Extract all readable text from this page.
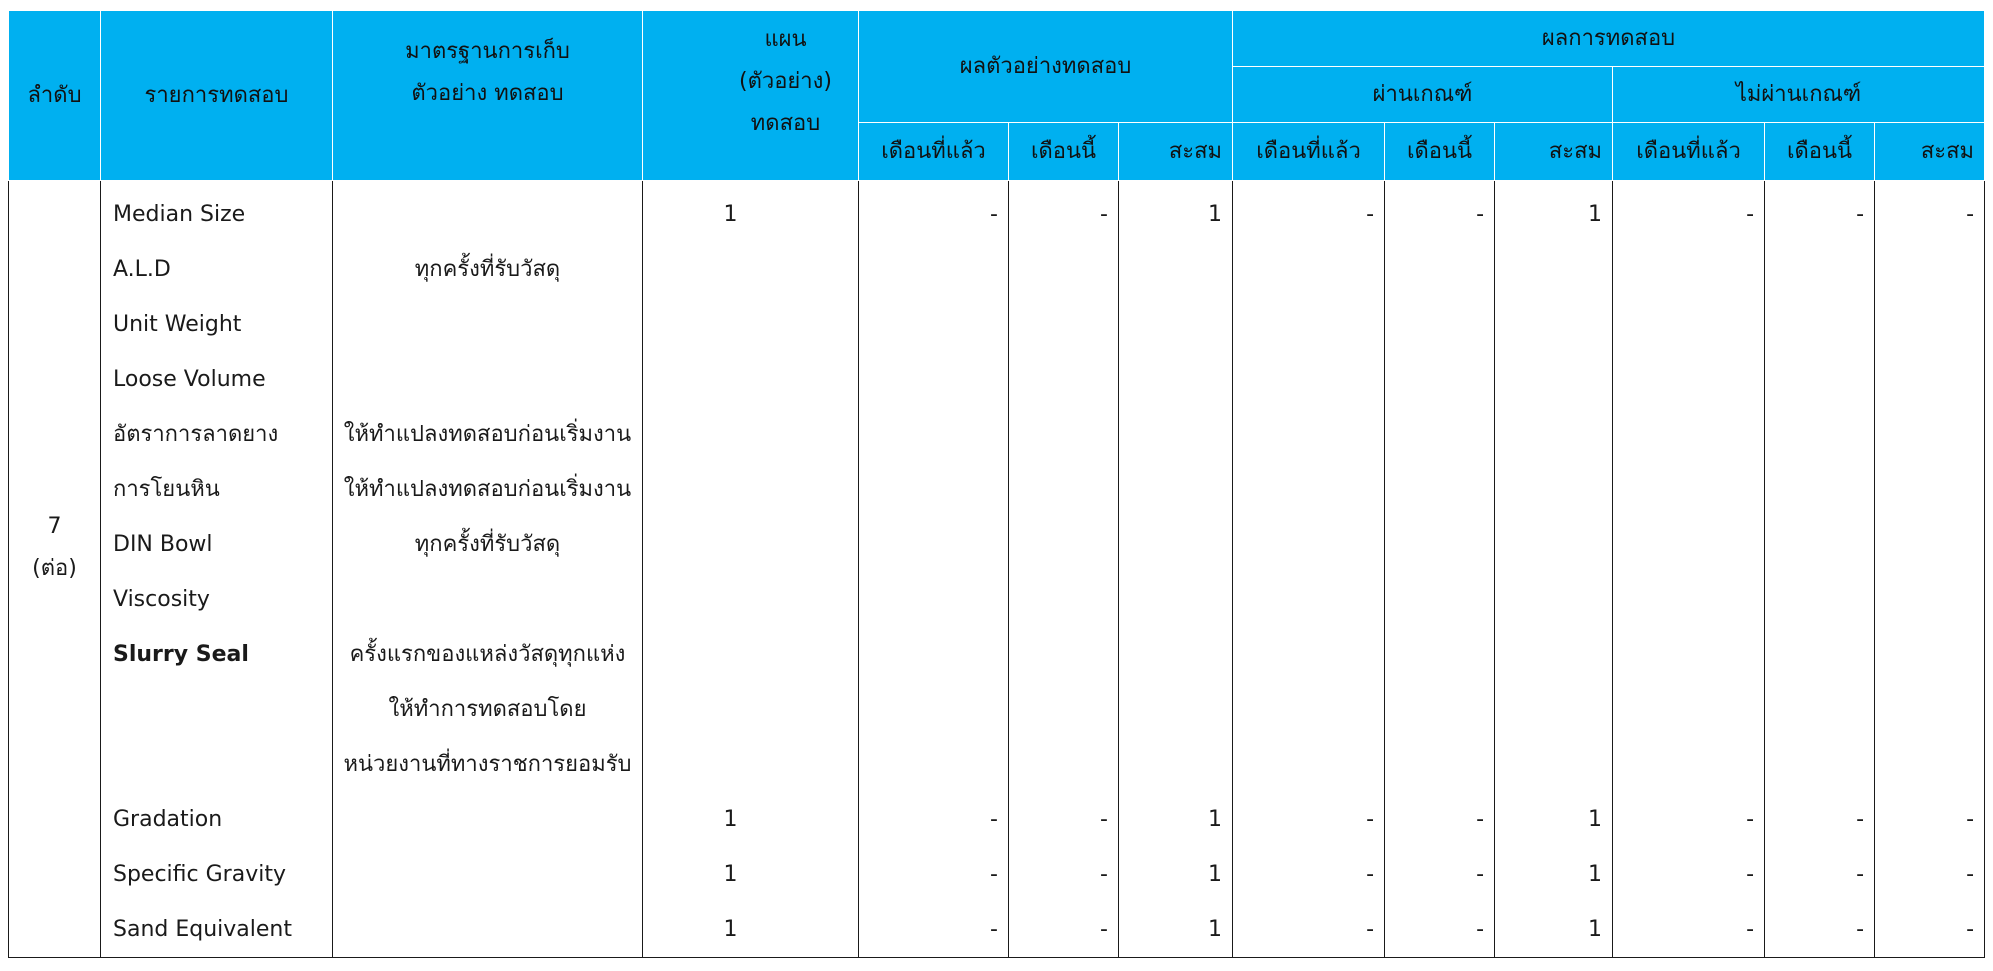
ลำดับ	รายการทดสอบ	มาตรฐานการเก็บตัวอย่าง ทดสอบ	แผน (ตัวอย่าง) ทดสอบ	ผลตัวอย่างทดสอบ			ผลการทดสอบ					
							ผ่านเกณฑ์			ไม่ผ่านเกณฑ์		
				เดือนที่แล้ว	เดือนนี้	สะสม	เดือนที่แล้ว	เดือนนี้	สะสม	เดือนที่แล้ว	เดือนนี้	สะสม

7
(ต่อ)	Median Size		1	-	-	1	-	-	1	-	-	-
	A.L.D	ทุกครั้งที่รับวัสดุ										
	Unit Weight											
	Loose Volume											
	อัตราการลาดยาง	ให้ทำแปลงทดสอบก่อนเริ่มงาน										
	การโยนหิน	ให้ทำแปลงทดสอบก่อนเริ่มงาน										
	DIN Bowl	ทุกครั้งที่รับวัสดุ										
	Viscosity											
	Slurry Seal	ครั้งแรกของแหล่งวัสดุทุกแห่ง										
		ให้ทำการทดสอบโดย										
		หน่วยงานที่ทางราชการยอมรับ										
	Gradation		1	-	-	1	-	-	1	-	-	-
	Specific Gravity		1	-	-	1	-	-	1	-	-	-
	Sand Equivalent		1	-	-	1	-	-	1	-	-	-
